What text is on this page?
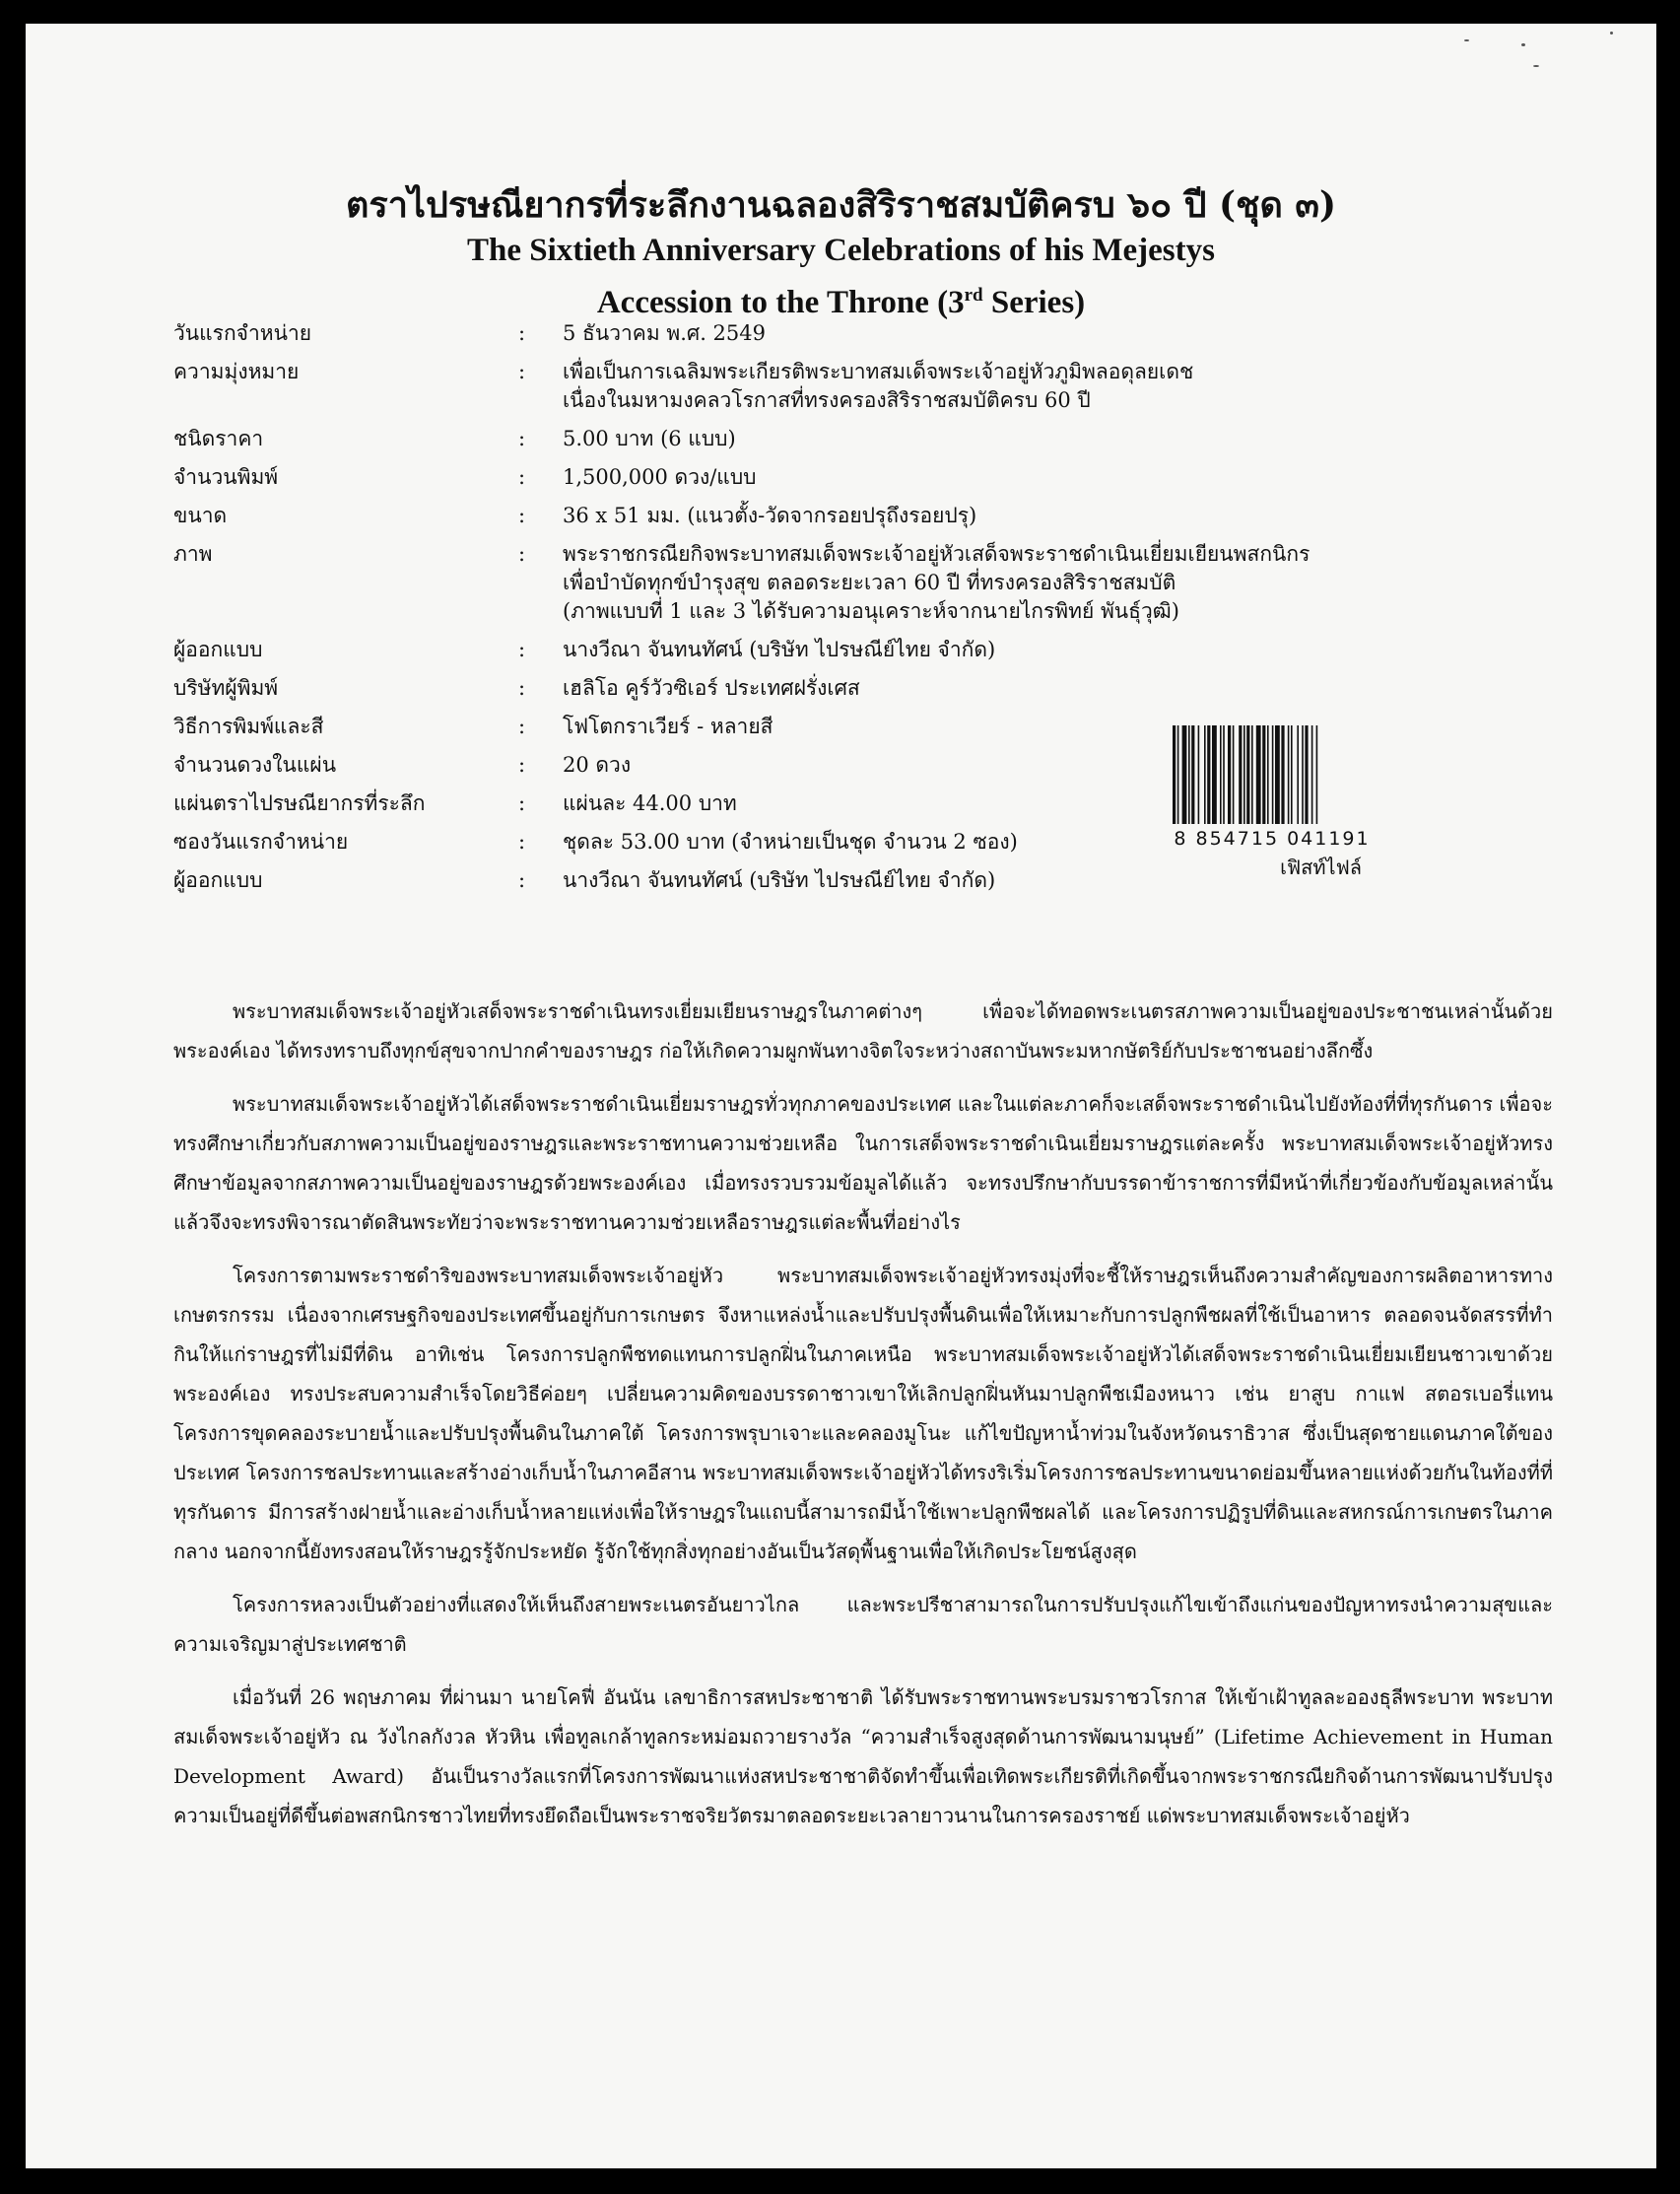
ตราไปรษณียากรที่ระลึกงานฉลองสิริราชสมบัติครบ ๖๐ ปี (ชุด ๓)
The Sixtieth Anniversary Celebrations of his Mejestys
Accession to the Throne (3rd Series)
วันแรกจำหน่าย	:	5 ธันวาคม พ.ศ. 2549
ความมุ่งหมาย	:	เพื่อเป็นการเฉลิมพระเกียรติพระบาทสมเด็จพระเจ้าอยู่หัวภูมิพลอดุลยเดช
เนื่องในมหามงคลวโรกาสที่ทรงครองสิริราชสมบัติครบ 60 ปี
ชนิดราคา	:	5.00 บาท (6 แบบ)
จำนวนพิมพ์	:	1,500,000 ดวง/แบบ
ขนาด	:	36 x 51 มม. (แนวตั้ง-วัดจากรอยปรุถึงรอยปรุ)
ภาพ	:	พระราชกรณียกิจพระบาทสมเด็จพระเจ้าอยู่หัวเสด็จพระราชดำเนินเยี่ยมเยียนพสกนิกร
เพื่อบำบัดทุกข์บำรุงสุข ตลอดระยะเวลา 60 ปี ที่ทรงครองสิริราชสมบัติ
(ภาพแบบที่ 1 และ 3 ได้รับความอนุเคราะห์จากนายไกรพิทย์ พันธุ์วุฒิ)
ผู้ออกแบบ	:	นางวีณา จันทนทัศน์ (บริษัท ไปรษณีย์ไทย จำกัด)
บริษัทผู้พิมพ์	:	เฮลิโอ คูร์วัวซิเอร์ ประเทศฝรั่งเศส
วิธีการพิมพ์และสี	:	โฟโตกราเวียร์ - หลายสี
จำนวนดวงในแผ่น	:	20 ดวง
แผ่นตราไปรษณียากรที่ระลึก	:	แผ่นละ 44.00 บาท
ซองวันแรกจำหน่าย	:	ชุดละ 53.00 บาท (จำหน่ายเป็นชุด จำนวน 2 ซอง)
ผู้ออกแบบ	:	นางวีณา จันทนทัศน์ (บริษัท ไปรษณีย์ไทย จำกัด)
8 854715 041191
เฟิสท์ไฟล์

พระบาทสมเด็จพระเจ้าอยู่หัวเสด็จพระราชดำเนินทรงเยี่ยมเยียนราษฎรในภาคต่างๆ เพื่อจะได้ทอดพระเนตรสภาพความเป็นอยู่ของประชาชนเหล่านั้นด้วยพระองค์เอง ได้ทรงทราบถึงทุกข์สุขจากปากคำของราษฎร ก่อให้เกิดความผูกพันทางจิตใจระหว่างสถาบันพระมหากษัตริย์กับประชาชนอย่างลึกซึ้ง

พระบาทสมเด็จพระเจ้าอยู่หัวได้เสด็จพระราชดำเนินเยี่ยมราษฎรทั่วทุกภาคของประเทศ และในแต่ละภาคก็จะเสด็จพระราชดำเนินไปยังท้องที่ที่ทุรกันดาร เพื่อจะทรงศึกษาเกี่ยวกับสภาพความเป็นอยู่ของราษฎรและพระราชทานความช่วยเหลือ ในการเสด็จพระราชดำเนินเยี่ยมราษฎรแต่ละครั้ง พระบาทสมเด็จพระเจ้าอยู่หัวทรงศึกษาข้อมูลจากสภาพความเป็นอยู่ของราษฎรด้วยพระองค์เอง เมื่อทรงรวบรวมข้อมูลได้แล้ว จะทรงปรึกษากับบรรดาข้าราชการที่มีหน้าที่เกี่ยวข้องกับข้อมูลเหล่านั้น แล้วจึงจะทรงพิจารณาตัดสินพระทัยว่าจะพระราชทานความช่วยเหลือราษฎรแต่ละพื้นที่อย่างไร

โครงการตามพระราชดำริของพระบาทสมเด็จพระเจ้าอยู่หัว พระบาทสมเด็จพระเจ้าอยู่หัวทรงมุ่งที่จะชี้ให้ราษฎรเห็นถึงความสำคัญของการผลิตอาหารทางเกษตรกรรม เนื่องจากเศรษฐกิจของประเทศขึ้นอยู่กับการเกษตร จึงหาแหล่งน้ำและปรับปรุงพื้นดินเพื่อให้เหมาะกับการปลูกพืชผลที่ใช้เป็นอาหาร ตลอดจนจัดสรรที่ทำกินให้แก่ราษฎรที่ไม่มีที่ดิน อาทิเช่น โครงการปลูกพืชทดแทนการปลูกฝิ่นในภาคเหนือ พระบาทสมเด็จพระเจ้าอยู่หัวได้เสด็จพระราชดำเนินเยี่ยมเยียนชาวเขาด้วยพระองค์เอง ทรงประสบความสำเร็จโดยวิธีค่อยๆ เปลี่ยนความคิดของบรรดาชาวเขาให้เลิกปลูกฝิ่นหันมาปลูกพืชเมืองหนาว เช่น ยาสูบ กาแฟ สตอรเบอรี่แทน โครงการขุดคลองระบายน้ำและปรับปรุงพื้นดินในภาคใต้ โครงการพรุบาเจาะและคลองมูโนะ แก้ไขปัญหาน้ำท่วมในจังหวัดนราธิวาส ซึ่งเป็นสุดชายแดนภาคใต้ของประเทศ โครงการชลประทานและสร้างอ่างเก็บน้ำในภาคอีสาน พระบาทสมเด็จพระเจ้าอยู่หัวได้ทรงริเริ่มโครงการชลประทานขนาดย่อมขึ้นหลายแห่งด้วยกันในท้องที่ที่ทุรกันดาร มีการสร้างฝายน้ำและอ่างเก็บน้ำหลายแห่งเพื่อให้ราษฎรในแถบนี้สามารถมีน้ำใช้เพาะปลูกพืชผลได้ และโครงการปฏิรูปที่ดินและสหกรณ์การเกษตรในภาคกลาง นอกจากนี้ยังทรงสอนให้ราษฎรรู้จักประหยัด รู้จักใช้ทุกสิ่งทุกอย่างอันเป็นวัสดุพื้นฐานเพื่อให้เกิดประโยชน์สูงสุด

โครงการหลวงเป็นตัวอย่างที่แสดงให้เห็นถึงสายพระเนตรอันยาวไกล และพระปรีชาสามารถในการปรับปรุงแก้ไขเข้าถึงแก่นของปัญหาทรงนำความสุขและความเจริญมาสู่ประเทศชาติ

เมื่อวันที่ 26 พฤษภาคม ที่ผ่านมา นายโคฟี่ อันนัน เลขาธิการสหประชาชาติ ได้รับพระราชทานพระบรมราชวโรกาส ให้เข้าเฝ้าทูลละอองธุลีพระบาท พระบาทสมเด็จพระเจ้าอยู่หัว ณ วังไกลกังวล หัวหิน เพื่อทูลเกล้าทูลกระหม่อมถวายรางวัล “ความสำเร็จสูงสุดด้านการพัฒนามนุษย์” (Lifetime Achievement in Human Development Award) อันเป็นรางวัลแรกที่โครงการพัฒนาแห่งสหประชาชาติจัดทำขึ้นเพื่อเทิดพระเกียรติที่เกิดขึ้นจากพระราชกรณียกิจด้านการพัฒนาปรับปรุงความเป็นอยู่ที่ดีขึ้นต่อพสกนิกรชาวไทยที่ทรงยึดถือเป็นพระราชจริยวัตรมาตลอดระยะเวลายาวนานในการครองราชย์ แด่พระบาทสมเด็จพระเจ้าอยู่หัว
